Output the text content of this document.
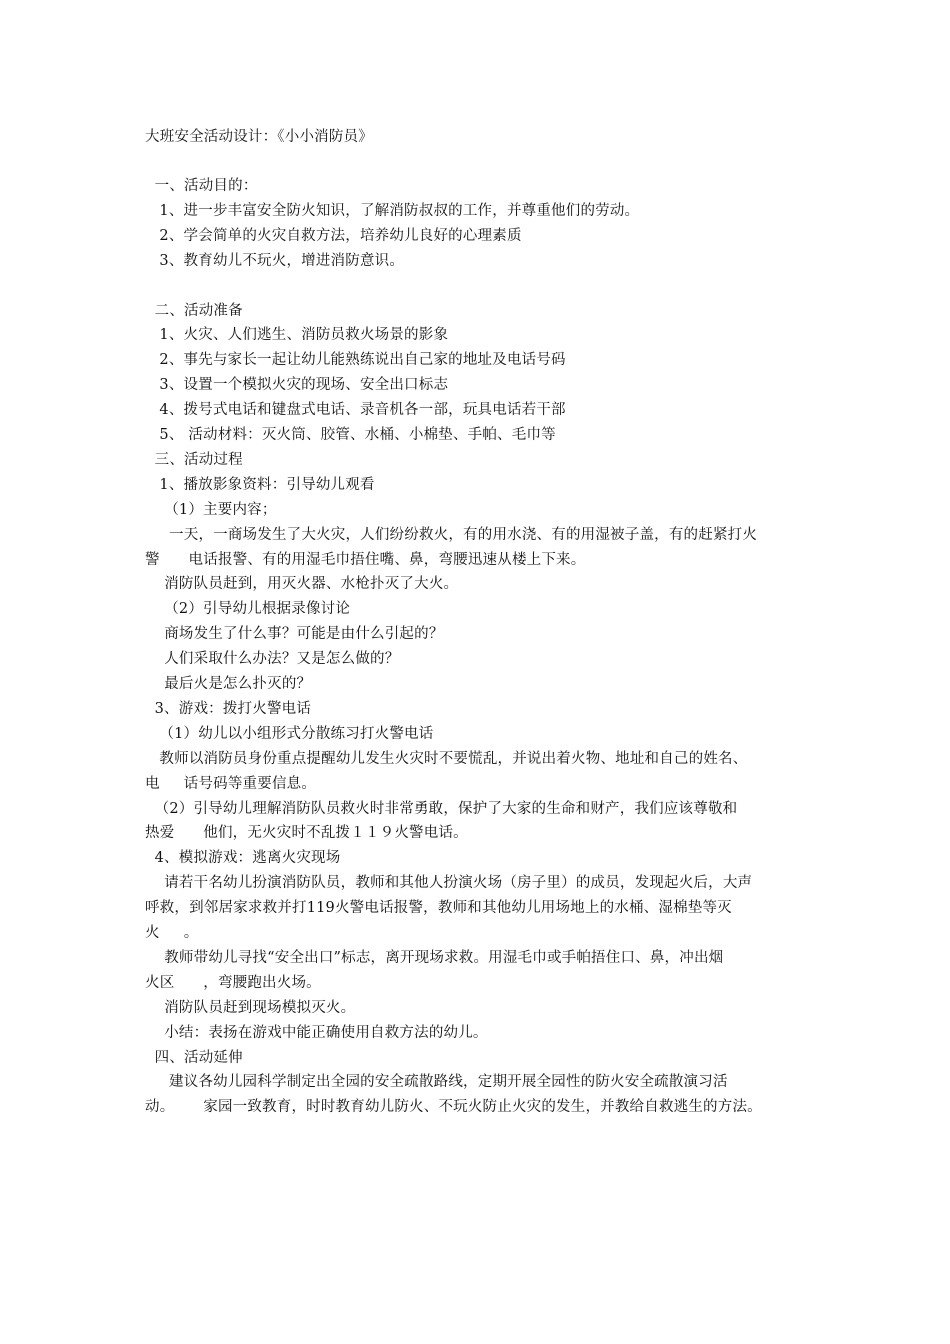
大班安全活动设计：《小小消防员》
一、活动目的：
1、进一步丰富安全防火知识，了解消防叔叔的工作，并尊重他们的劳动。
2、学会简单的火灾自救方法，培养幼儿良好的心理素质
3、教育幼儿不玩火，增进消防意识。
二、活动准备
1、火灾、人们逃生、消防员救火场景的影象
2、事先与家长一起让幼儿能熟练说出自己家的地址及电话号码
3、设置一个模拟火灾的现场、安全出口标志
4、拨号式电话和键盘式电话、录音机各一部，玩具电话若干部
5、 活动材料：灭火筒、胶管、水桶、小棉垫、手帕、毛巾等
三、活动过程
1、播放影象资料：引导幼儿观看
（1）主要内容；
一天，一商场发生了大火灾，人们纷纷救火，有的用水浇、有的用湿被子盖，有的赶紧打火
警      电话报警、有的用湿毛巾捂住嘴、鼻，弯腰迅速从楼上下来。
消防队员赶到，用灭火器、水枪扑灭了大火。
（2）引导幼儿根据录像讨论
商场发生了什么事？可能是由什么引起的？
人们采取什么办法？又是怎么做的？
最后火是怎么扑灭的？
3、游戏：拨打火警电话
（1）幼儿以小组形式分散练习打火警电话
教师以消防员身份重点提醒幼儿发生火灾时不要慌乱，并说出着火物、地址和自己的姓名、
电     话号码等重要信息。
（2）引导幼儿理解消防队员救火时非常勇敢，保护了大家的生命和财产，我们应该尊敬和
热爱      他们，无火灾时不乱拨１１９火警电话。
4、模拟游戏：逃离火灾现场
请若干名幼儿扮演消防队员，教师和其他人扮演火场（房子里）的成员，发现起火后，大声
呼救，到邻居家求救并打119火警电话报警，教师和其他幼儿用场地上的水桶、湿棉垫等灭
火     。
教师带幼儿寻找“安全出口”标志，离开现场求救。用湿毛巾或手帕捂住口、鼻，冲出烟
火区      ，弯腰跑出火场。
消防队员赶到现场模拟灭火。
小结：表扬在游戏中能正确使用自救方法的幼儿。
四、活动延伸
建议各幼儿园科学制定出全园的安全疏散路线，定期开展全园性的防火安全疏散演习活
动。      家园一致教育，时时教育幼儿防火、不玩火防止火灾的发生，并教给自救逃生的方法。
